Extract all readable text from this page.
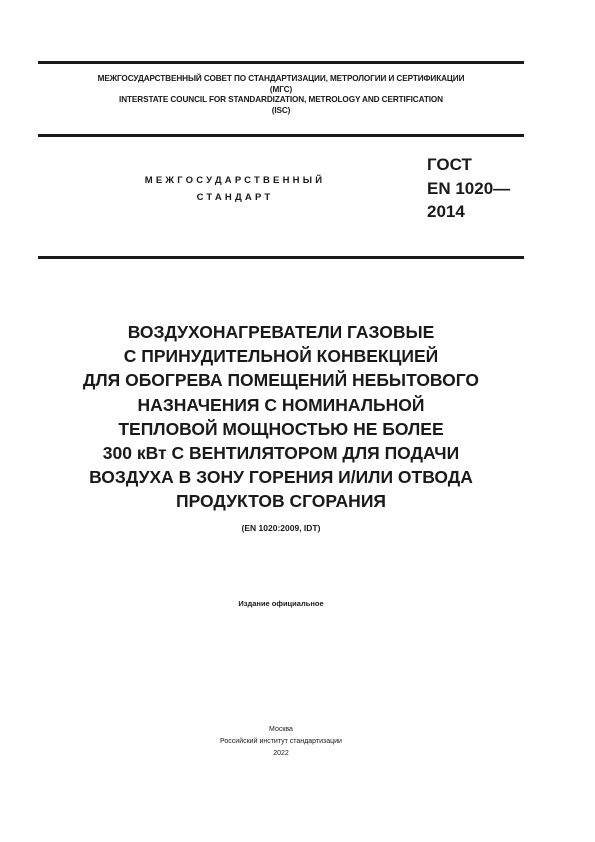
МЕЖГОСУДАРСТВЕННЫЙ СОВЕТ ПО СТАНДАРТИЗАЦИИ, МЕТРОЛОГИИ И СЕРТИФИКАЦИИ
(МГС)
INTERSTATE COUNCIL FOR STANDARDIZATION, METROLOGY AND CERTIFICATION
(ISC)
МЕЖГОСУДАРСТВЕННЫЙ
СТАНДАРТ
ГОСТ
EN 1020—
2014
ВОЗДУХОНАГРЕВАТЕЛИ ГАЗОВЫЕ
С ПРИНУДИТЕЛЬНОЙ КОНВЕКЦИЕЙ
ДЛЯ ОБОГРЕВА ПОМЕЩЕНИЙ НЕБЫТОВОГО
НАЗНАЧЕНИЯ С НОМИНАЛЬНОЙ
ТЕПЛОВОЙ МОЩНОСТЬЮ НЕ БОЛЕЕ
300 кВт С ВЕНТИЛЯТОРОМ ДЛЯ ПОДАЧИ
ВОЗДУХА В ЗОНУ ГОРЕНИЯ И/ИЛИ ОТВОДА
ПРОДУКТОВ СГОРАНИЯ
(EN 1020:2009, IDT)
Издание официальное
Москва
Российский институт стандартизации
2022
